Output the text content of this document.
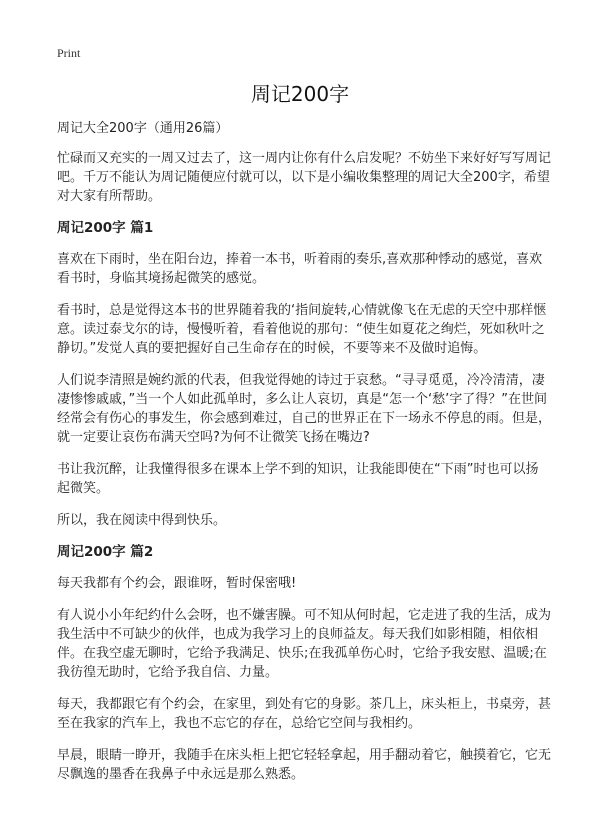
Print
周记200字

周记大全200字（通用26篇）

忙碌而又充实的一周又过去了，这一周内让你有什么启发呢？不妨坐下来好好写写周记吧。千万不能认为周记随便应付就可以，以下是小编收集整理的周记大全200字，希望对大家有所帮助。

周记200字 篇1

喜欢在下雨时，坐在阳台边，捧着一本书，听着雨的奏乐,喜欢那种悸动的感觉，喜欢看书时，身临其境扬起微笑的感觉。

看书时，总是觉得这本书的世界随着我的‘指间旋转,心情就像飞在无虑的天空中那样惬意。读过泰戈尔的诗，慢慢听着，看着他说的那句：“使生如夏花之绚烂，死如秋叶之静切。”发觉人真的要把握好自己生命存在的时候，不要等来不及做时追悔。

人们说李清照是婉约派的代表，但我觉得她的诗过于哀愁。“寻寻觅觅，冷冷清清，凄凄惨惨戚戚，”当一个人如此孤单时，多么让人哀切，真是“怎一个‘愁’字了得？”在世间经常会有伤心的事发生，你会感到难过，自己的世界正在下一场永不停息的雨。但是，就一定要让哀伤布满天空吗?为何不让微笑飞扬在嘴边?

书让我沉醉，让我懂得很多在课本上学不到的知识，让我能即使在“下雨”时也可以扬起微笑。

所以，我在阅读中得到快乐。

周记200字 篇2

每天我都有个约会，跟谁呀，暂时保密哦!

有人说小小年纪约什么会呀，也不嫌害臊。可不知从何时起，它走进了我的生活，成为我生活中不可缺少的伙伴，也成为我学习上的良师益友。每天我们如影相随，相依相伴。在我空虚无聊时，它给予我满足、快乐;在我孤单伤心时，它给予我安慰、温暖;在我彷徨无助时，它给予我自信、力量。

每天，我都跟它有个约会，在家里，到处有它的身影。茶几上，床头柜上，书桌旁，甚至在我家的汽车上，我也不忘它的存在，总给它空间与我相约。

早晨，眼睛一睁开，我随手在床头柜上把它轻轻拿起，用手翻动着它，触摸着它，它无尽飘逸的墨香在我鼻子中永远是那么熟悉。
